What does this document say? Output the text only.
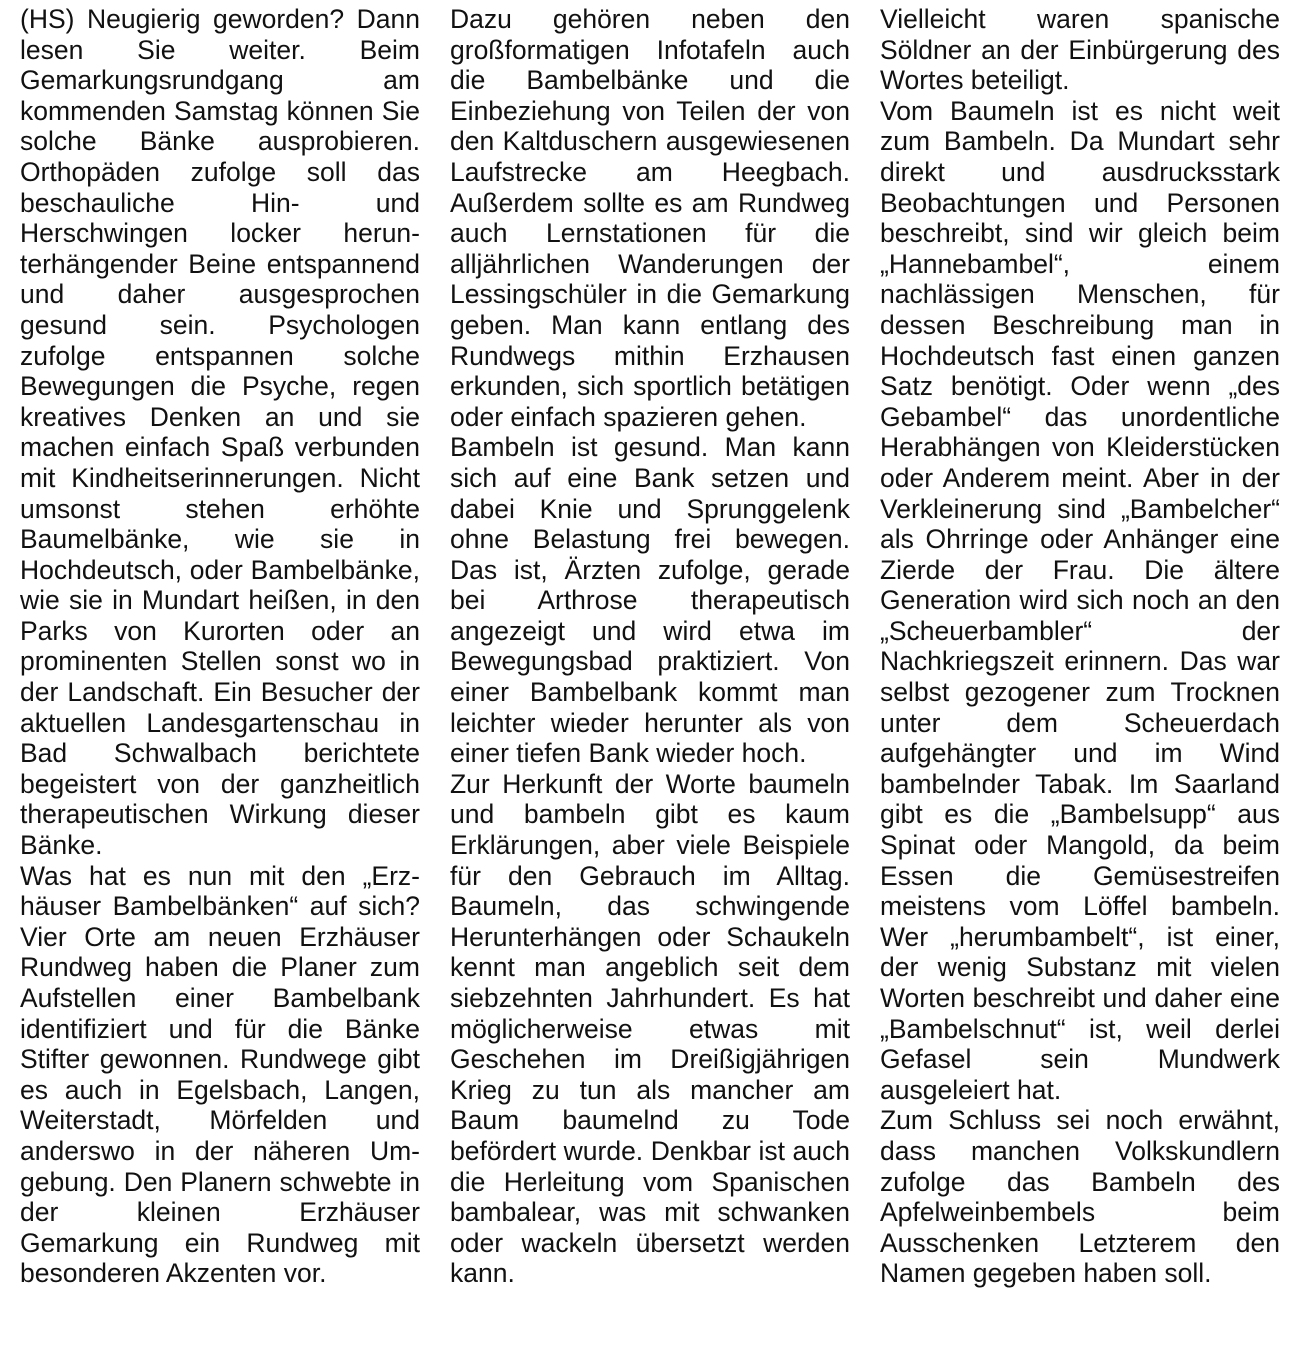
(HS) Neugierig geworden? Dann lesen Sie weiter. Beim Gemarkungsrundgang am kommenden Samstag können Sie solche Bänke ausprobieren. Orthopäden zufolge soll das beschauliche Hin- und Herschwingen locker herunterhängender Beine entspannend und daher ausgesprochen gesund sein. Psychologen zufolge entspannen solche Bewegungen die Psyche, regen kreatives Denken an und sie machen einfach Spaß verbunden mit Kindheitserinnerungen. Nicht umsonst stehen erhöhte Baumelbänke, wie sie in Hochdeutsch, oder Bambelbänke, wie sie in Mundart heißen, in den Parks von Kurorten oder an prominenten Stellen sonst wo in der Landschaft. Ein Besucher der aktuellen Landesgartenschau in Bad Schwalbach berichtete begeistert von der ganzheitlich therapeutischen Wirkung dieser Bänke.

Was hat es nun mit den „Erzhäuser Bambelbänken“ auf sich? Vier Orte am neuen Erzhäuser Rundweg haben die Planer zum Aufstellen einer Bambelbank identifiziert und für die Bänke Stifter gewonnen. Rundwege gibt es auch in Egelsbach, Langen, Weiterstadt, Mörfelden und anderswo in der näheren Umgebung. Den Planern schwebte in der kleinen Erzhäuser Gemarkung ein Rundweg mit besonderen Akzenten vor.

Dazu gehören neben den großformatigen Infotafeln auch die Bambelbänke und die Einbeziehung von Teilen der von den Kaltduschern ausgewiesenen Laufstrecke am Heegbach. Außerdem sollte es am Rundweg auch Lernstationen für die alljährlichen Wanderungen der Lessingschüler in die Gemarkung geben. Man kann entlang des Rundwegs mithin Erzhausen erkunden, sich sportlich betätigen oder einfach spazieren gehen.

Bambeln ist gesund. Man kann sich auf eine Bank setzen und dabei Knie und Sprunggelenk ohne Belastung frei bewegen. Das ist, Ärzten zufolge, gerade bei Arthrose therapeutisch angezeigt und wird etwa im Bewegungsbad praktiziert. Von einer Bambelbank kommt man leichter wieder herunter als von einer tiefen Bank wieder hoch.

Zur Herkunft der Worte baumeln und bambeln gibt es kaum Erklärungen, aber viele Beispiele für den Gebrauch im Alltag. Baumeln, das schwingende Herunterhängen oder Schaukeln kennt man angeblich seit dem siebzehnten Jahrhundert. Es hat möglicherweise etwas mit Geschehen im Dreißigjährigen Krieg zu tun als mancher am Baum baumelnd zu Tode befördert wurde. Denkbar ist auch die Herleitung vom Spanischen bambalear, was mit schwanken oder wackeln übersetzt werden kann.

Vielleicht waren spanische Söldner an der Einbürgerung des Wortes beteiligt.

Vom Baumeln ist es nicht weit zum Bambeln. Da Mundart sehr direkt und ausdrucksstark Beobachtungen und Personen beschreibt, sind wir gleich beim „Hannebambel“, einem nachlässigen Menschen, für dessen Beschreibung man in Hochdeutsch fast einen ganzen Satz benötigt. Oder wenn „des Gebambel“ das unordentliche Herabhängen von Kleiderstücken oder Anderem meint. Aber in der Verkleinerung sind „Bambelcher“ als Ohrringe oder Anhänger eine Zierde der Frau. Die ältere Generation wird sich noch an den „Scheuerbambler“ der Nachkriegszeit erinnern. Das war selbst gezogener zum Trocknen unter dem Scheuerdach aufgehängter und im Wind bambelnder Tabak. Im Saarland gibt es die „Bambelsupp“ aus Spinat oder Mangold, da beim Essen die Gemüsestreifen meistens vom Löffel bambeln. Wer „herumbambelt“, ist einer, der wenig Substanz mit vielen Worten beschreibt und daher eine „Bambelschnut“ ist, weil derlei Gefasel sein Mundwerk ausgeleiert hat.

Zum Schluss sei noch erwähnt, dass manchen Volkskundlern zufolge das Bambeln des Apfelweinbembels beim Ausschenken Letzterem den Namen gegeben haben soll.
